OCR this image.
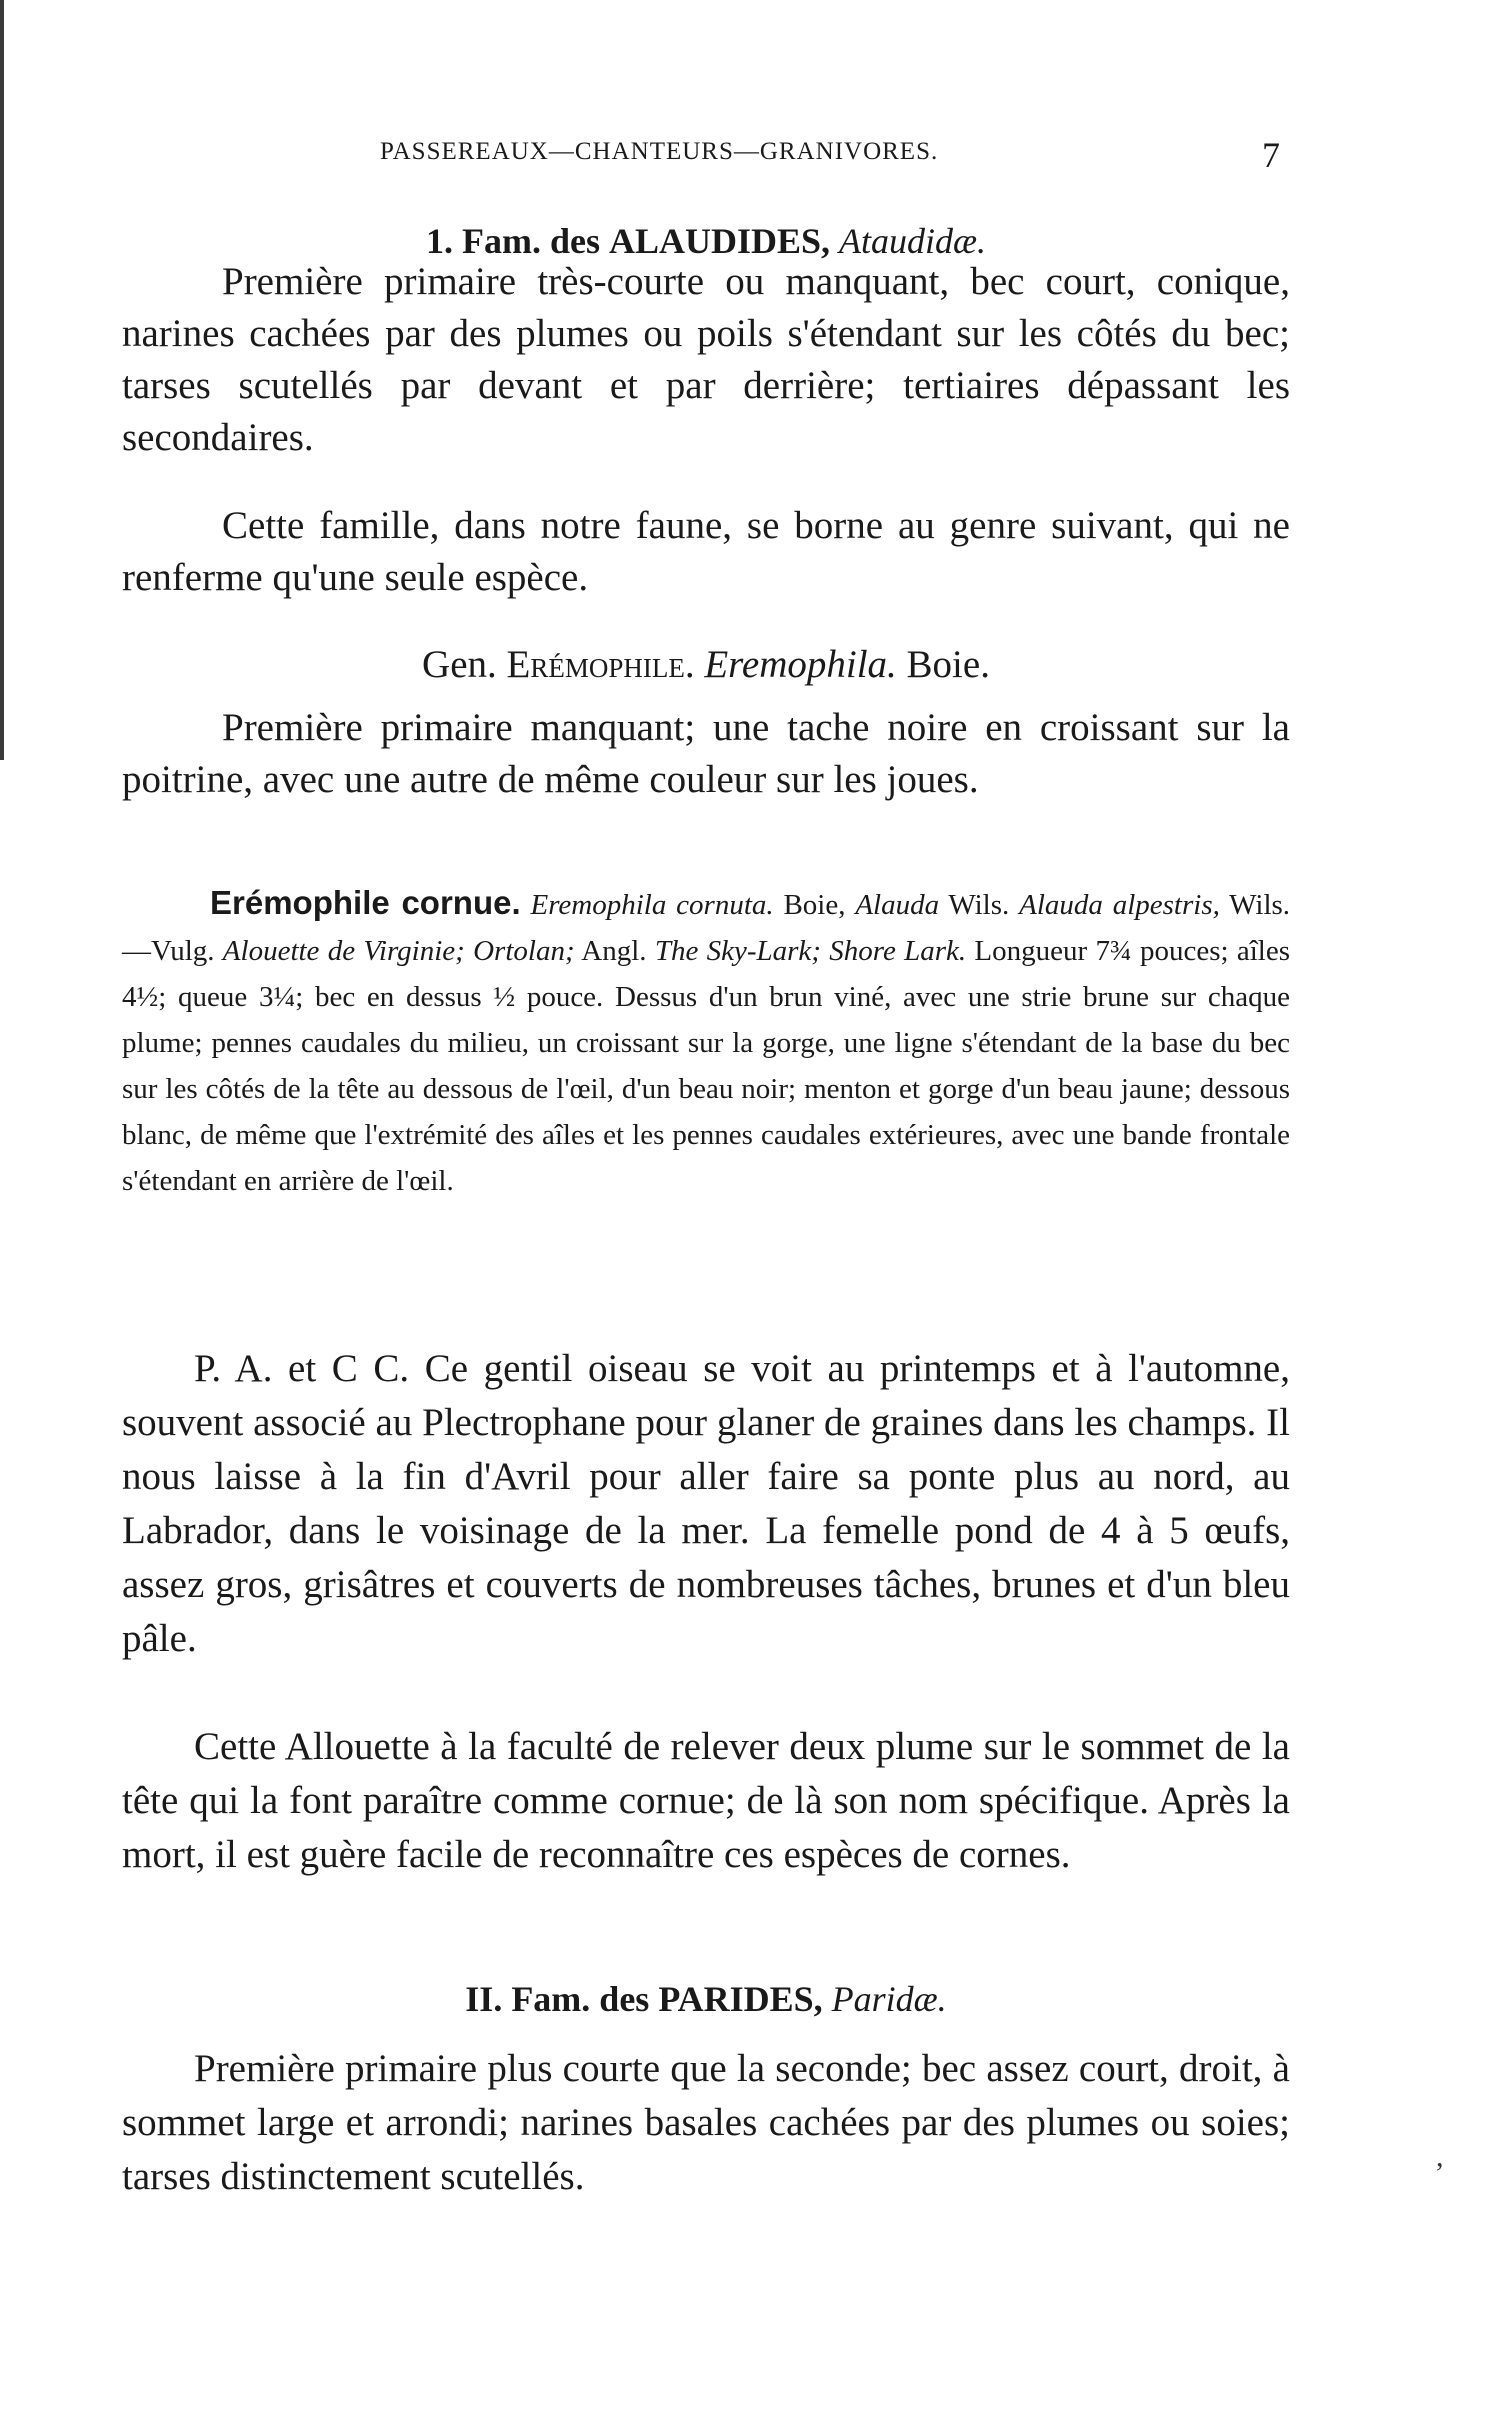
PASSEREAUX—CHANTEURS—GRANIVORES.	7
1. Fam. des ALAUDIDES, Ataudidæ.

Première primaire très-courte ou manquant, bec court, conique, narines cachées par des plumes ou poils s'étendant sur les côtés du bec; tarses scutellés par devant et par derrière; tertiaires dépassant les secondaires.

Cette famille, dans notre faune, se borne au genre suivant, qui ne renferme qu'une seule espèce.

Gen. Erémophile. Eremophila. Boie.

Première primaire manquant; une tache noire en croissant sur la poitrine, avec une autre de même couleur sur les joues.

Erémophile cornue. Eremophila cornuta. Boie, Alauda Wils. Alauda alpestris, Wils.—Vulg. Alouette de Virginie; Ortolan; Angl. The Sky-Lark; Shore Lark. Longueur 7¾ pouces; aîles 4½; queue 3¼; bec en dessus ½ pouce. Dessus d'un brun viné, avec une strie brune sur chaque plume; pennes caudales du milieu, un croissant sur la gorge, une ligne s'étendant de la base du bec sur les côtés de la tête au dessous de l'œil, d'un beau noir; menton et gorge d'un beau jaune; dessous blanc, de même que l'extrémité des aîles et les pennes caudales extérieures, avec une bande frontale s'étendant en arrière de l'œil.

P. A. et C C. Ce gentil oiseau se voit au printemps et à l'automne, souvent associé au Plectrophane pour glaner de graines dans les champs. Il nous laisse à la fin d'Avril pour aller faire sa ponte plus au nord, au Labrador, dans le voisinage de la mer. La femelle pond de 4 à 5 œufs, assez gros, grisâtres et couverts de nombreuses tâches, brunes et d'un bleu pâle.

Cette Allouette à la faculté de relever deux plume sur le sommet de la tête qui la font paraître comme cornue; de là son nom spécifique. Après la mort, il est guère facile de reconnaître ces espèces de cornes.

II. Fam. des PARIDES, Paridæ.

Première primaire plus courte que la seconde; bec assez court, droit, à sommet large et arrondi; narines basales cachées par des plumes ou soies; tarses distinctement scutellés.	,
